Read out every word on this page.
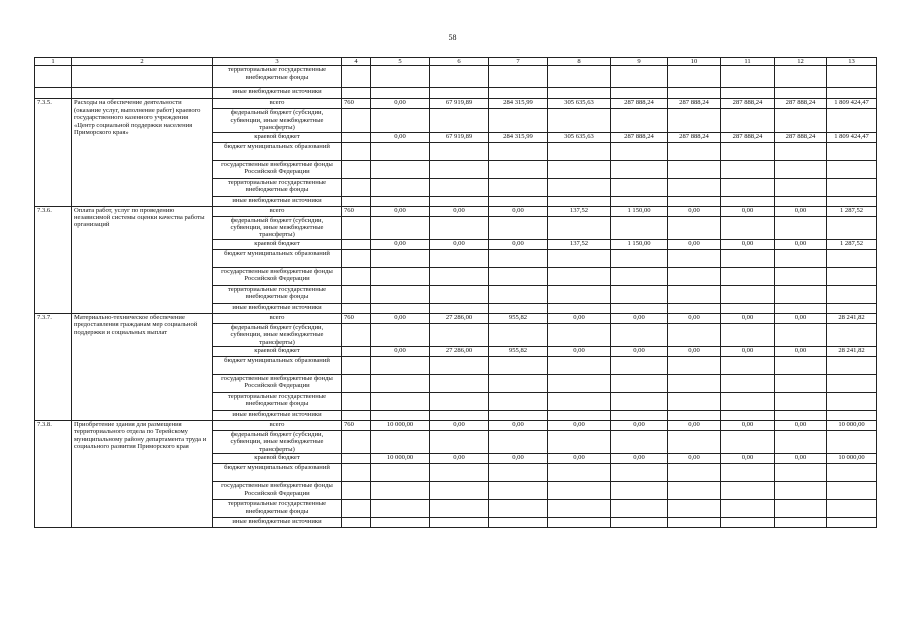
58
1	2	3	4	5	6	7	8	9	10	11	12	13
		территориальные государственные внебюджетные фонды										
		иные внебюджетные источники										
7.3.5.	Расходы на обеспечение деятельности (оказание услуг, выполнение работ) краевого государственного казенного учреждения «Центр социальной поддержки населения Приморского края»	всего	760	0,00	67 919,89	284 315,99	305 635,63	287 888,24	287 888,24	287 888,24	287 888,24	1 809 424,47
		федеральный бюджет (субсидии, субвенции, иные межбюджетные трансферты)										
		краевой бюджет		0,00	67 919,89	284 315,99	305 635,63	287 888,24	287 888,24	287 888,24	287 888,24	1 809 424,47
		бюджет муниципальных образований										
		государственные внебюджетные фонды Российской Федерации										
		территориальные государственные внебюджетные фонды										
		иные внебюджетные источники										
7.3.6.	Оплата работ, услуг по проведению независимой системы оценки качества работы организаций	всего	760	0,00	0,00	0,00	137,52	1 150,00	0,00	0,00	0,00	1 287,52
		федеральный бюджет (субсидии, субвенции, иные межбюджетные трансферты)										
		краевой бюджет		0,00	0,00	0,00	137,52	1 150,00	0,00	0,00	0,00	1 287,52
		бюджет муниципальных образований										
		государственные внебюджетные фонды Российской Федерации										
		территориальные государственные внебюджетные фонды										
		иные внебюджетные источники										
7.3.7.	Материально-техническое обеспечение предоставления гражданам мер социальной поддержки и социальных выплат	всего	760	0,00	27 286,00	955,82	0,00	0,00	0,00	0,00	0,00	28 241,82
		федеральный бюджет (субсидии, субвенции, иные межбюджетные трансферты)										
		краевой бюджет		0,00	27 286,00	955,82	0,00	0,00	0,00	0,00	0,00	28 241,82
		бюджет муниципальных образований										
		государственные внебюджетные фонды Российской Федерации										
		территориальные государственные внебюджетные фонды										
		иные внебюджетные источники										
7.3.8.	Приобретение здания для размещения территориального отдела по Терейскому муниципальному району департамента труда и социального развития Приморского края	всего	760	10 000,00	0,00	0,00	0,00	0,00	0,00	0,00	0,00	10 000,00
		федеральный бюджет (субсидии, субвенции, иные межбюджетные трансферты)										
		краевой бюджет		10 000,00	0,00	0,00	0,00	0,00	0,00	0,00	0,00	10 000,00
		бюджет муниципальных образований										
		государственные внебюджетные фонды Российской Федерации										
		территориальные государственные внебюджетные фонды										
		иные внебюджетные источники										
